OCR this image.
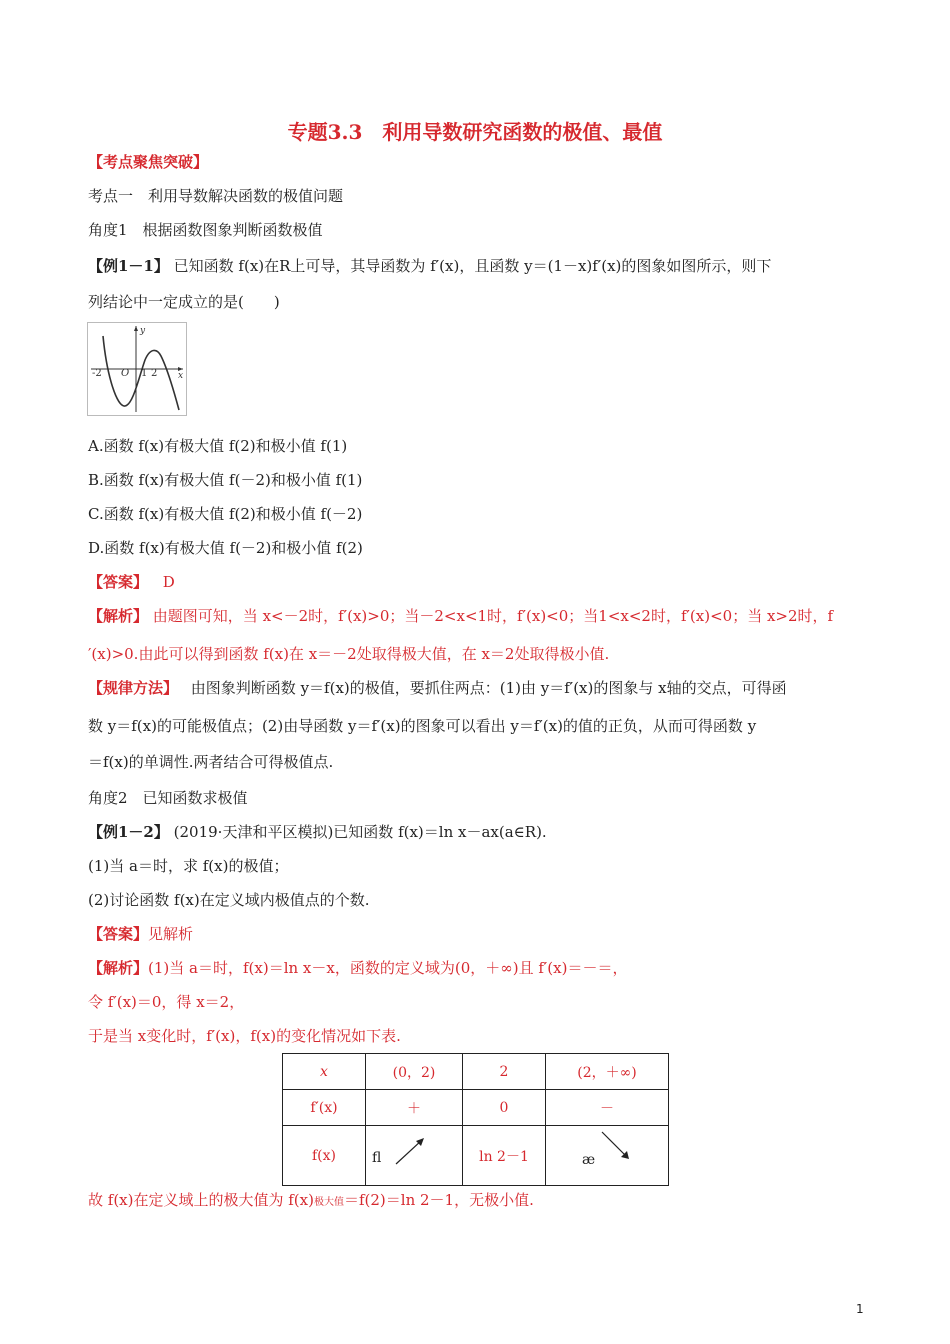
专题3.3　利用导数研究函数的极值、最值
【考点聚焦突破】
考点一　利用导数解决函数的极值问题
角度1　根据函数图象判断函数极值
【例1－1】 已知函数 f(x)在R上可导，其导函数为 f′(x)，且函数 y＝(1－x)f′(x)的图象如图所示，则下
列结论中一定成立的是(　　)
y
x
-2 O 1 2
A.函数 f(x)有极大值 f(2)和极小值 f(1)
B.函数 f(x)有极大值 f(－2)和极小值 f(1)
C.函数 f(x)有极大值 f(2)和极小值 f(－2)
D.函数 f(x)有极大值 f(－2)和极小值 f(2)
【答案】 D
【解析】 由题图可知，当 x<－2时，f′(x)>0；当－2<x<1时，f′(x)<0；当1<x<2时，f′(x)<0；当 x>2时，f
′(x)>0.由此可以得到函数 f(x)在 x＝－2处取得极大值，在 x＝2处取得极小值.
【规律方法】 由图象判断函数 y＝f(x)的极值，要抓住两点：(1)由 y＝f′(x)的图象与 x轴的交点，可得函
数 y＝f(x)的可能极值点；(2)由导函数 y＝f′(x)的图象可以看出 y＝f′(x)的值的正负，从而可得函数 y
＝f(x)的单调性.两者结合可得极值点.
角度2　已知函数求极值
【例1－2】 (2019·天津和平区模拟)已知函数 f(x)＝ln x－ax(a∈R).
(1)当 a＝时，求 f(x)的极值；
(2)讨论函数 f(x)在定义域内极值点的个数.
【答案】见解析
【解析】(1)当 a＝时，f(x)＝ln x－x，函数的定义域为(0，＋∞)且 f′(x)＝－＝，
令 f′(x)＝0，得 x＝2，
于是当 x变化时，f′(x)，f(x)的变化情况如下表.
x	(0，2)	2	(2，＋∞)
f′(x)	＋	0	－
f(x)	ﬂ	ln 2－1	æ
故 f(x)在定义域上的极大值为 f(x)极大值＝f(2)＝ln 2－1，无极小值.
1
